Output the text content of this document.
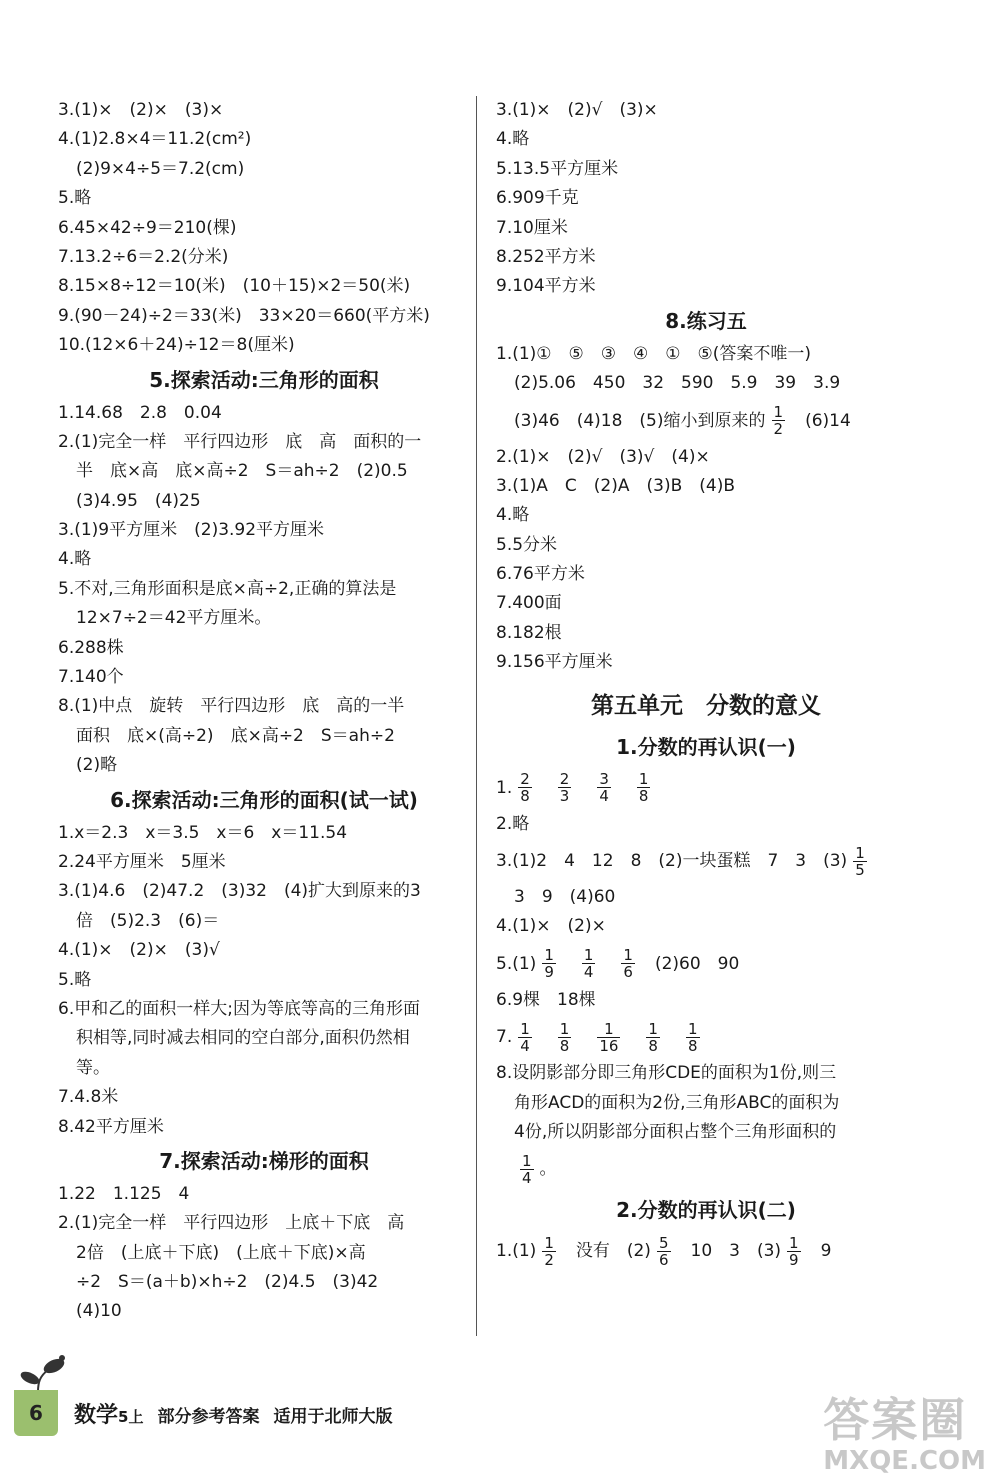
3.(1)×　(2)×　(3)×
4.(1)2.8×4＝11.2(cm²)
(2)9×4÷5＝7.2(cm)
5.略
6.45×42÷9＝210(棵)
7.13.2÷6＝2.2(分米)
8.15×8÷12＝10(米)　(10＋15)×2＝50(米)
9.(90－24)÷2＝33(米)　33×20＝660(平方米)
10.(12×6＋24)÷12＝8(厘米)
5.探索活动:三角形的面积
1.14.68　2.8　0.04
2.(1)完全一样　平行四边形　底　高　面积的一
半　底×高　底×高÷2　S＝ah÷2　(2)0.5
(3)4.95　(4)25
3.(1)9平方厘米　(2)3.92平方厘米
4.略
5.不对,三角形面积是底×高÷2,正确的算法是
12×7÷2＝42平方厘米。
6.288株
7.140个
8.(1)中点　旋转　平行四边形　底　高的一半
面积　底×(高÷2)　底×高÷2　S＝ah÷2
(2)略
6.探索活动:三角形的面积(试一试)
1.x＝2.3　x＝3.5　x＝6　x＝11.54
2.24平方厘米　5厘米
3.(1)4.6　(2)47.2　(3)32　(4)扩大到原来的3
倍　(5)2.3　(6)＝
4.(1)×　(2)×　(3)√
5.略
6.甲和乙的面积一样大;因为等底等高的三角形面
积相等,同时减去相同的空白部分,面积仍然相
等。
7.4.8米
8.42平方厘米
7.探索活动:梯形的面积
1.22　1.125　4
2.(1)完全一样　平行四边形　上底＋下底　高
2倍　(上底＋下底)　(上底＋下底)×高
÷2　S＝(a＋b)×h÷2　(2)4.5　(3)42
(4)10
3.(1)×　(2)√　(3)×
4.略
5.13.5平方厘米
6.909千克
7.10厘米
8.252平方米
9.104平方米
8.练习五
1.(1)①　⑤　③　④　①　⑤(答案不唯一)
(2)5.06　450　32　590　5.9　39　3.9
(3)46　(4)18　(5)缩小到原来的 $\frac{1}{2} (6)14$
2.(1)×　(2)√　(3)√　(4)×
3.(1)A　C　(2)A　(3)B　(4)B
4.略
5.5分米
6.76平方米
7.400面
8.182根
9.156平方厘米
第五单元　分数的意义
1.分数的再认识(一)
1. $\frac{2}{8} \frac{2}{3} \frac{3}{4} \frac{1}{8}$
2.略
3.(1)2　4　12　8　(2)一块蛋糕　7　3　$(3) \frac{1}{5}$
3　9　(4)60
4.(1)×　(2)×
$5.(1) \frac{1}{9} \frac{1}{4} \frac{1}{6} (2)60$　90
6.9棵　18棵
7. $\frac{1}{4} \frac{1}{8} \frac{1}{16} \frac{1}{8} \frac{1}{8}$
8.设阴影部分即三角形CDE的面积为1份,则三
角形ACD的面积为2份,三角形ABC的面积为
4份,所以阴影部分面积占整个三角形面积的
$\frac{1}{4}$ 。
2.分数的再认识(二)
$1.(1) \frac{1}{2}$ 没有　$(2) \frac{5}{6} 10$　3　$(3) \frac{1}{9} 9$
6	数学5上 部分参考答案 适用于北师大版	答案圈
MXQE.COM
